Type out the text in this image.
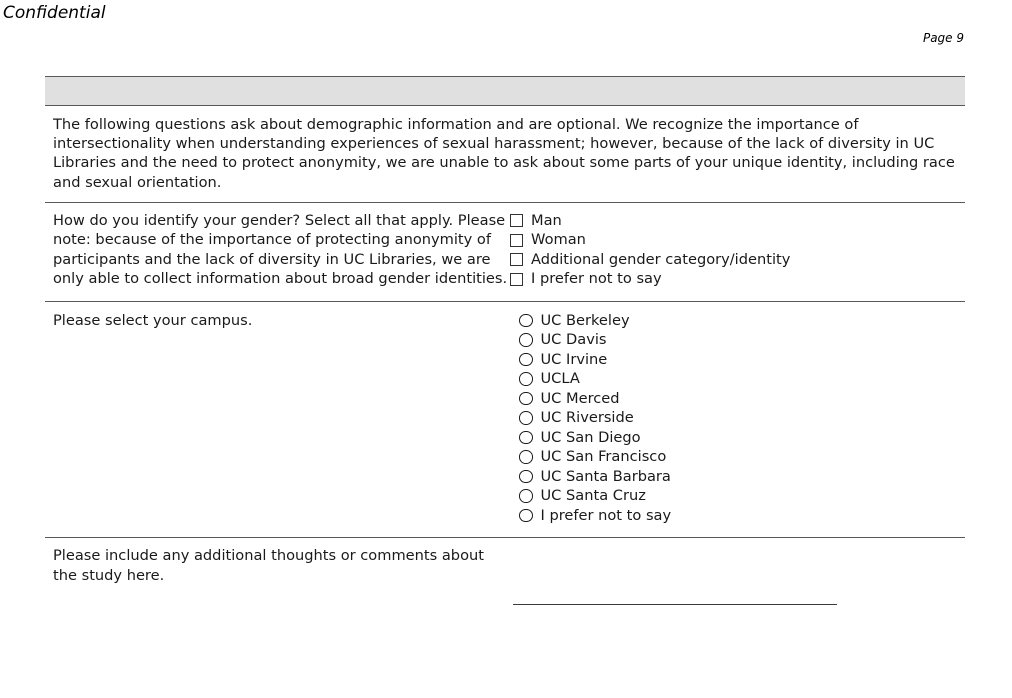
Confidential
Page 9
The following questions ask about demographic information and are optional. We recognize the importance of intersectionality when understanding experiences of sexual harassment; however, because of the lack of diversity in UC Libraries and the need to protect anonymity, we are unable to ask about some parts of your unique identity, including race and sexual orientation.
How do you identify your gender? Select all that apply. Please note: because of the importance of protecting anonymity of participants and the lack of diversity in UC Libraries, we are only able to collect information about broad gender identities.
Man
Woman
Additional gender category/identity
I prefer not to say
Please select your campus.	UC Berkeley
UC Davis
UC Irvine
UCLA
UC Merced
UC Riverside
UC San Diego
UC San Francisco
UC Santa Barbara
UC Santa Cruz
I prefer not to say
Please include any additional thoughts or comments about the study here.
